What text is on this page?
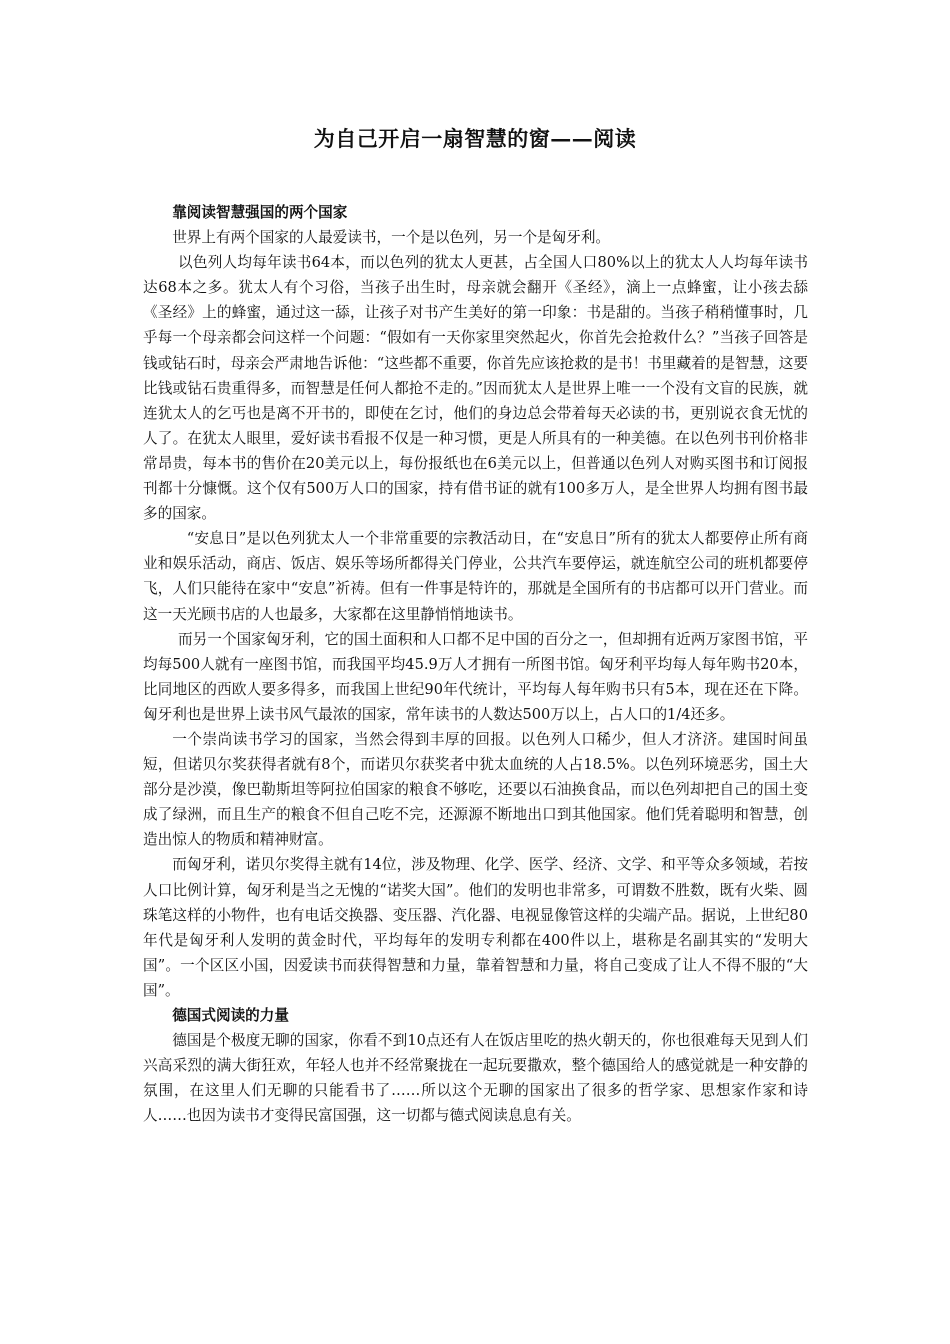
为自己开启一扇智慧的窗——阅读
靠阅读智慧强国的两个国家

世界上有两个国家的人最爱读书，一个是以色列，另一个是匈牙利。

以色列人均每年读书64本，而以色列的犹太人更甚，占全国人口80%以上的犹太人人均每年读书达68本之多。犹太人有个习俗，当孩子出生时，母亲就会翻开《圣经》，滴上一点蜂蜜，让小孩去舔《圣经》上的蜂蜜，通过这一舔，让孩子对书产生美好的第一印象：书是甜的。当孩子稍稍懂事时，几乎每一个母亲都会问这样一个问题：“假如有一天你家里突然起火，你首先会抢救什么？”当孩子回答是钱或钻石时，母亲会严肃地告诉他：“这些都不重要，你首先应该抢救的是书！书里藏着的是智慧，这要比钱或钻石贵重得多，而智慧是任何人都抢不走的。”因而犹太人是世界上唯一一个没有文盲的民族，就连犹太人的乞丐也是离不开书的，即使在乞讨，他们的身边总会带着每天必读的书，更别说衣食无忧的人了。在犹太人眼里，爱好读书看报不仅是一种习惯，更是人所具有的一种美德。在以色列书刊价格非常昂贵，每本书的售价在20美元以上，每份报纸也在6美元以上，但普通以色列人对购买图书和订阅报刊都十分慷慨。这个仅有500万人口的国家，持有借书证的就有100多万人，是全世界人均拥有图书最多的国家。

“安息日”是以色列犹太人一个非常重要的宗教活动日，在“安息日”所有的犹太人都要停止所有商业和娱乐活动，商店、饭店、娱乐等场所都得关门停业，公共汽车要停运，就连航空公司的班机都要停飞，人们只能待在家中“安息”祈祷。但有一件事是特许的，那就是全国所有的书店都可以开门营业。而这一天光顾书店的人也最多，大家都在这里静悄悄地读书。

而另一个国家匈牙利，它的国土面积和人口都不足中国的百分之一，但却拥有近两万家图书馆，平均每500人就有一座图书馆，而我国平均45.9万人才拥有一所图书馆。匈牙利平均每人每年购书20本，比同地区的西欧人要多得多，而我国上世纪90年代统计，平均每人每年购书只有5本，现在还在下降。匈牙利也是世界上读书风气最浓的国家，常年读书的人数达500万以上，占人口的1/4还多。

一个崇尚读书学习的国家，当然会得到丰厚的回报。以色列人口稀少，但人才济济。建国时间虽短，但诺贝尔奖获得者就有8个，而诺贝尔获奖者中犹太血统的人占18.5%。以色列环境恶劣，国土大部分是沙漠，像巴勒斯坦等阿拉伯国家的粮食不够吃，还要以石油换食品，而以色列却把自己的国土变成了绿洲，而且生产的粮食不但自己吃不完，还源源不断地出口到其他国家。他们凭着聪明和智慧，创造出惊人的物质和精神财富。

而匈牙利，诺贝尔奖得主就有14位，涉及物理、化学、医学、经济、文学、和平等众多领域，若按人口比例计算，匈牙利是当之无愧的“诺奖大国”。他们的发明也非常多，可谓数不胜数，既有火柴、圆珠笔这样的小物件，也有电话交换器、变压器、汽化器、电视显像管这样的尖端产品。据说，上世纪80年代是匈牙利人发明的黄金时代，平均每年的发明专利都在400件以上，堪称是名副其实的“发明大国”。一个区区小国，因爱读书而获得智慧和力量，靠着智慧和力量，将自己变成了让人不得不服的“大国”。

德国式阅读的力量

德国是个极度无聊的国家，你看不到10点还有人在饭店里吃的热火朝天的，你也很难每天见到人们兴高采烈的满大街狂欢，年轻人也并不经常聚拢在一起玩要撒欢，整个德国给人的感觉就是一种安静的氛围，在这里人们无聊的只能看书了……所以这个无聊的国家出了很多的哲学家、思想家作家和诗人……也因为读书才变得民富国强，这一切都与德式阅读息息有关。
